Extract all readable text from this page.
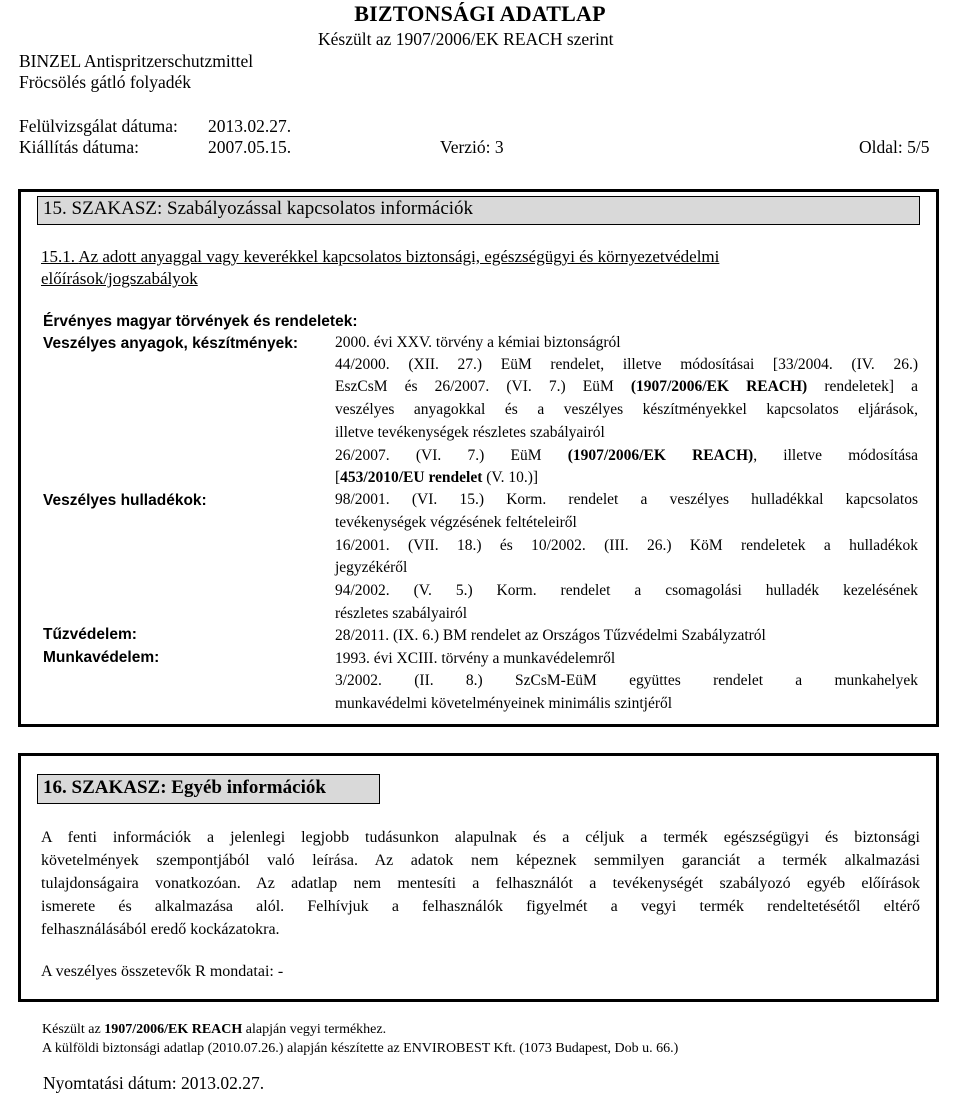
BIZTONSÁGI ADATLAP
Készült az 1907/2006/EK REACH szerint
BINZEL Antispritzerschutzmittel
Fröcsölés gátló folyadék
Felülvizsgálat dátuma: 2013.02.27.
Kiállítás dátuma:	2007.05.15.	Verzió: 3	Oldal: 5/5
15. SZAKASZ: Szabályozással kapcsolatos információk
15.1. Az adott anyaggal vagy keverékkel kapcsolatos biztonsági, egészségügyi és környezetvédelmi
előírások/jogszabályok
Érvényes magyar törvények és rendeletek:
Veszélyes anyagok, készítmények: 2000. évi XXV. törvény a kémiai biztonságról
44/2000. (XII. 27.) EüM rendelet, illetve módosításai [33/2004. (IV. 26.)
EszCsM és 26/2007. (VI. 7.) EüM (1907/2006/EK REACH) rendeletek] a
veszélyes anyagokkal és a veszélyes készítményekkel kapcsolatos eljárások,
illetve tevékenységek részletes szabályairól
26/2007. (VI. 7.) EüM (1907/2006/EK REACH), illetve módosítása
[453/2010/EU rendelet (V. 10.)]
Veszélyes hulladékok:	98/2001. (VI. 15.) Korm. rendelet a veszélyes hulladékkal kapcsolatos
tevékenységek végzésének feltételeiről
16/2001. (VII. 18.) és 10/2002. (III. 26.) KöM rendeletek a hulladékok
jegyzékéről
94/2002. (V. 5.) Korm. rendelet a csomagolási hulladék kezelésének
részletes szabályairól
Tűzvédelem:	28/2011. (IX. 6.) BM rendelet az Országos Tűzvédelmi Szabályzatról
Munkavédelem:	1993. évi XCIII. törvény a munkavédelemről
3/2002. (II. 8.) SzCsM-EüM együttes rendelet a munkahelyek
munkavédelmi követelményeinek minimális szintjéről
16. SZAKASZ: Egyéb információk
A fenti információk a jelenlegi legjobb tudásunkon alapulnak és a céljuk a termék egészségügyi és biztonsági
követelmények szempontjából való leírása. Az adatok nem képeznek semmilyen garanciát a termék alkalmazási
tulajdonságaira vonatkozóan. Az adatlap nem mentesíti a felhasználót a tevékenységét szabályozó egyéb előírások
ismerete és alkalmazása alól. Felhívjuk a felhasználók figyelmét a vegyi termék rendeltetésétől eltérő
felhasználásából eredő kockázatokra.
A veszélyes összetevők R mondatai: -
Készült az 1907/2006/EK REACH alapján vegyi termékhez.
A külföldi biztonsági adatlap (2010.07.26.) alapján készítette az ENVIROBEST Kft. (1073 Budapest, Dob u. 66.)
Nyomtatási dátum: 2013.02.27.
